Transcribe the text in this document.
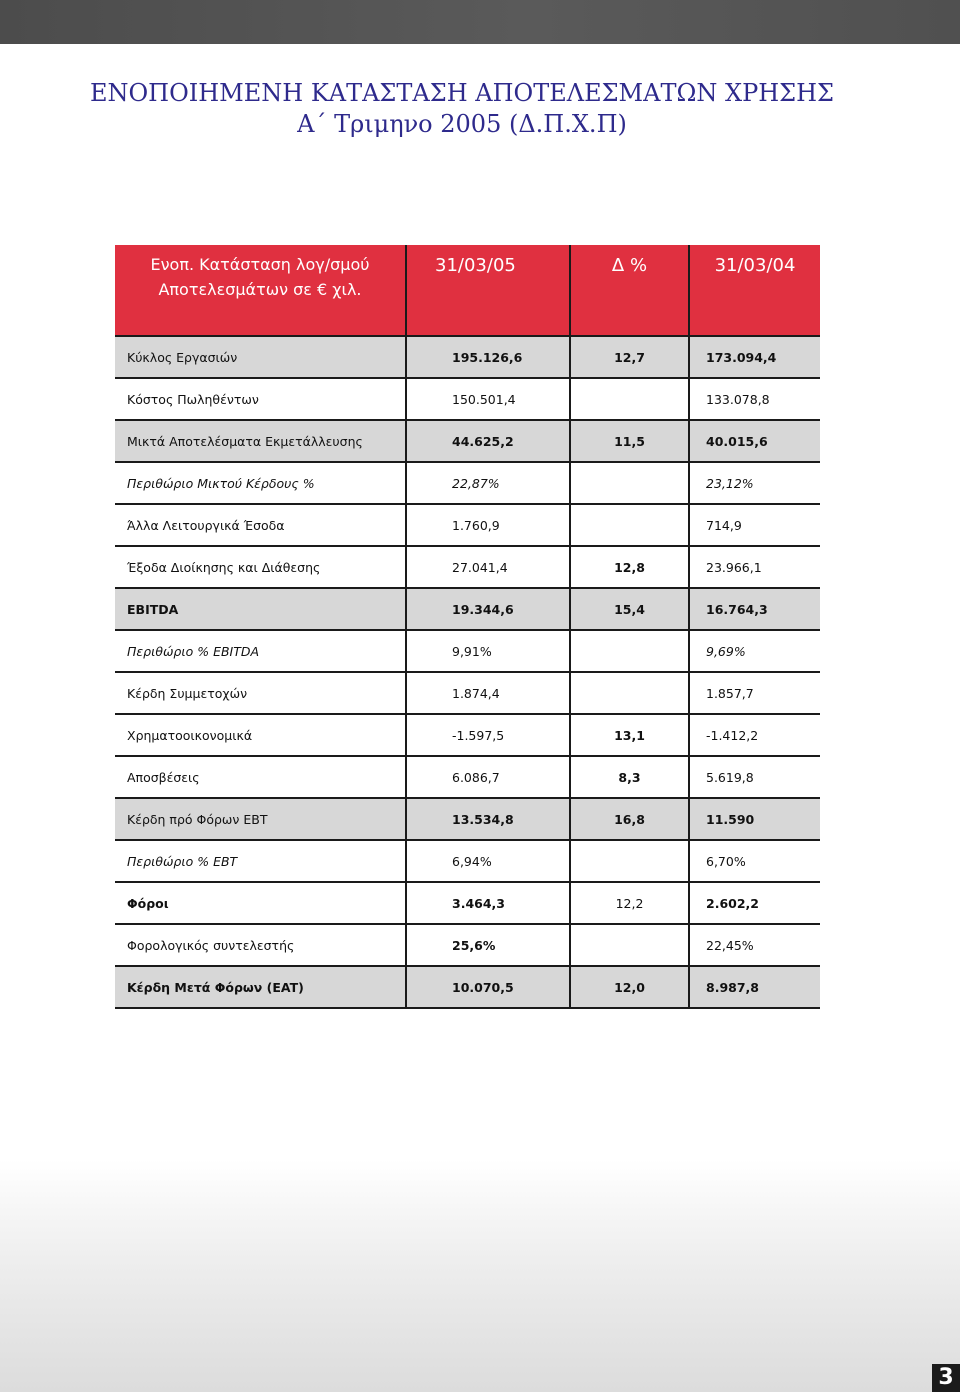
ΕΝΟΠΟΙΗΜΕΝΗ ΚΑΤΑΣΤΑΣΗ ΑΠΟΤΕΛΕΣΜΑΤΩΝ ΧΡΗΣΗΣ
Α΄ Τριμηνο 2005 (Δ.Π.Χ.Π)
Ενοπ. Κατάσταση λογ/σμού
Αποτελεσμάτων σε € χιλ.	31/03/05	Δ %	31/03/04
Κύκλος Εργασιών	195.126,6	12,7	173.094,4
Κόστος Πωληθέντων	150.501,4		133.078,8
Μικτά Αποτελέσματα Εκμετάλλευσης	44.625,2	11,5	40.015,6
Περιθώριο Μικτού Κέρδους %	22,87%		23,12%
Άλλα Λειτουργικά Έσοδα	1.760,9		714,9
Έξοδα Διοίκησης και Διάθεσης	27.041,4	12,8	23.966,1
EBITDA	19.344,6	15,4	16.764,3
Περιθώριο % EBITDA	9,91%		9,69%
Κέρδη Συμμετοχών	1.874,4		1.857,7
Χρηματοοικονομικά	-1.597,5	13,1	-1.412,2
Αποσβέσεις	6.086,7	8,3	5.619,8
Κέρδη πρό Φόρων EBT	13.534,8	16,8	11.590
Περιθώριο % EBT	6,94%		6,70%
Φόροι	3.464,3	12,2	2.602,2
Φορολογικός συντελεστής	25,6%		22,45%
Κέρδη Μετά Φόρων (EAT)	10.070,5	12,0	8.987,8
3
